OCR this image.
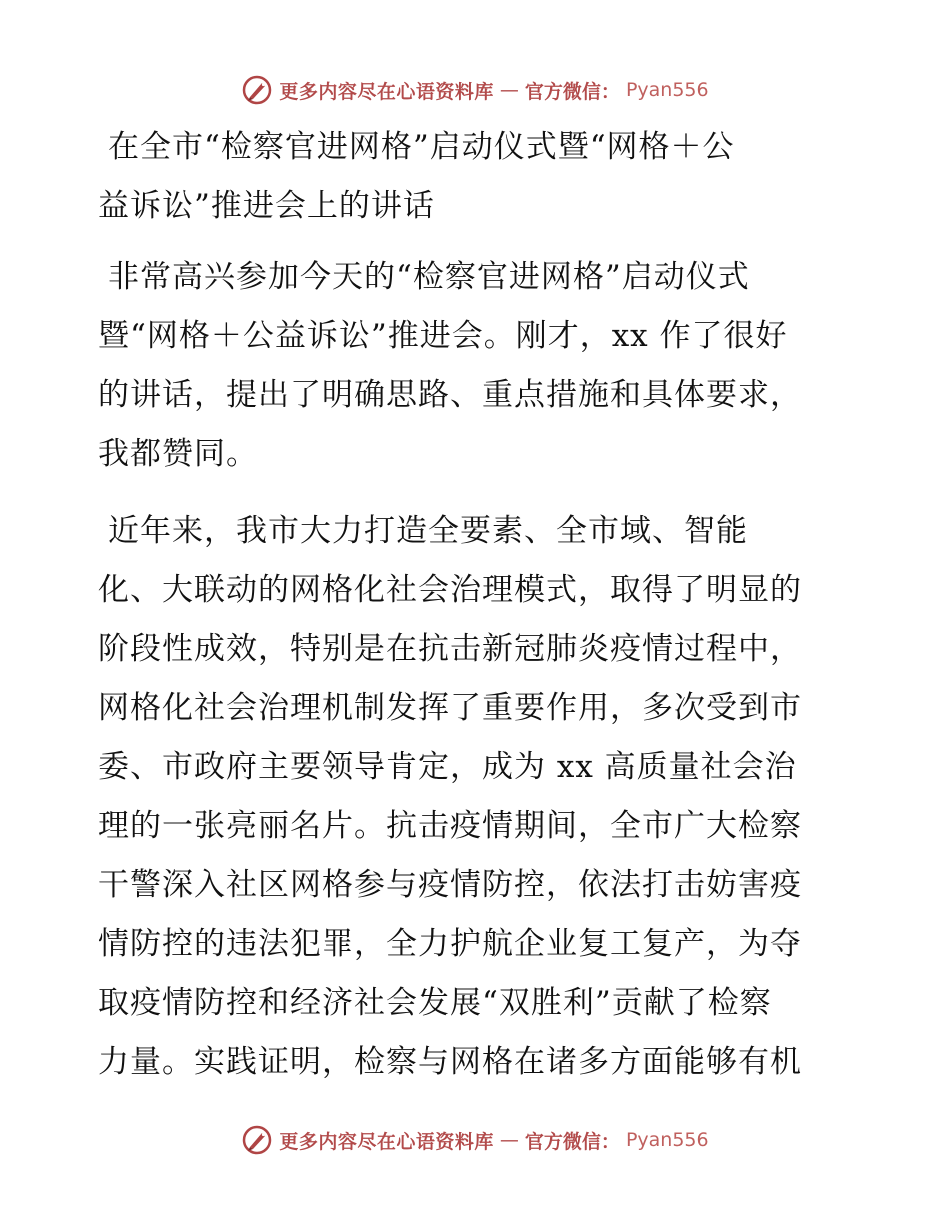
更多内容尽在心语资料库 — 官方微信： Pyan556
在全市“检察官进网格”启动仪式暨“网格＋公
益诉讼”推进会上的讲话
非常高兴参加今天的“检察官进网格”启动仪式
暨“网格＋公益诉讼”推进会。刚才，xx 作了很好
的讲话，提出了明确思路、重点措施和具体要求，
我都赞同。
近年来，我市大力打造全要素、全市域、智能
化、大联动的网格化社会治理模式，取得了明显的
阶段性成效，特别是在抗击新冠肺炎疫情过程中，
网格化社会治理机制发挥了重要作用，多次受到市
委、市政府主要领导肯定，成为 xx 高质量社会治
理的一张亮丽名片。抗击疫情期间，全市广大检察
干警深入社区网格参与疫情防控，依法打击妨害疫
情防控的违法犯罪，全力护航企业复工复产，为夺
取疫情防控和经济社会发展“双胜利”贡献了检察
力量。实践证明，检察与网格在诸多方面能够有机
更多内容尽在心语资料库 — 官方微信： Pyan556
